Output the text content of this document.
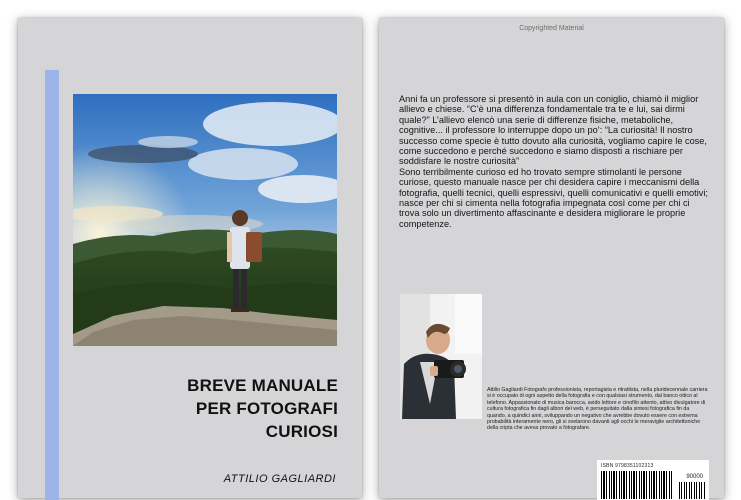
BREVE MANUALE
PER FOTOGRAFI
CURIOSI
ATTILIO GAGLIARDI
Copyrighted Material

Anni fa un professore si presentò in aula con un coniglio, chiamò il miglior allievo e chiese. “C’è una differenza fondamentale tra te e lui, sai dirmi quale?” L’allievo elencò una serie di differenze fisiche, metaboliche, cognitive... il professore lo interruppe dopo un po’: “La curiosità! Il nostro successo come specie è tutto dovuto alla curiosità, vogliamo capire le cose, come succedono e perché succedono e siamo disposti a rischiare per soddisfare le nostre curiosità”

Sono terribilmente curioso ed ho trovato sempre stimolanti le persone curiose, questo manuale nasce per chi desidera capire i meccanismi della fotografia, quelli tecnici, quelli espressivi, quelli comunicativi e quelli emotivi; nasce per chi si cimenta nella fotografia impegnata così come per chi ci trova solo un divertimento affascinante e desidera migliorare le proprie competenze.

Attilio Gagliardi Fotografo professionista, reportagista e ritrattista, nella pluridecennale carriera si è occupato di ogni aspetto della fotografia e con qualsiasi strumento, dal banco ottico al telefono. Appassionato di musica barocca, avido lettore e cinofilo attento, attivo divulgatore di cultura fotografica fin dagli albori del web, è perseguitato dalla sintesi fotografica fin da quando, a quindici anni, sviluppando un negativo che avrebbe dovuto essere con estrema probabilità interamente nero, gli si svelarono davanti agli occhi le meraviglie architettoniche della cripta che aveva provato a fotografare.
ISBN 9798351102313
90000
